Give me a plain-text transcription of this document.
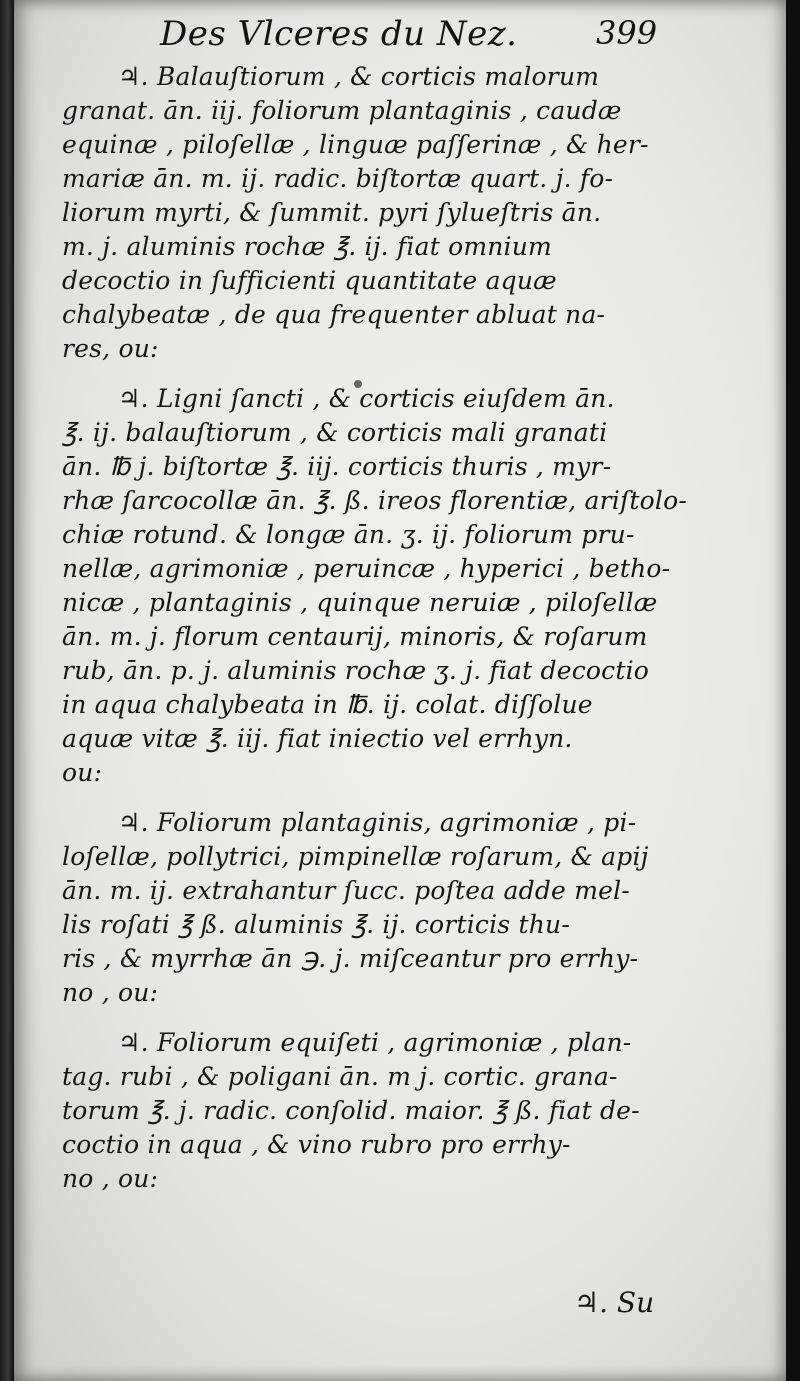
Des Vlceres du Nez.	399
♃. Balauſtiorum , & corticis malorum
granat. ān. iij. foliorum plantaginis , caudæ
equinæ , piloſellæ , linguæ paſſerinæ , & her-
mariæ ān. m. ij. radic. biſtortæ quart. j. fo-
liorum myrti, & ſummit. pyri ſylueſtris ān.
m. j. aluminis rochæ ℥. ij. fiat omnium
decoctio in ſufficienti quantitate aquæ
chalybeatæ , de qua frequenter abluat na-
res, ou:
♃. Ligni ſancti , & corticis eiuſdem ān.
℥. ij. balauſtiorum , & corticis mali granati
ān. ℔ j. biſtortæ ℥. iij. corticis thuris , myr-
rhæ ſarcocollæ ān. ℥. ß. ireos florentiæ, ariſtolo-
chiæ rotund. & longæ ān. ʒ. ij. foliorum pru-
nellæ, agrimoniæ , peruincæ , hyperici , betho-
nicæ , plantaginis , quinque neruiæ , piloſellæ
ān. m. j. florum centaurij, minoris, & roſarum
rub, ān. p. j. aluminis rochæ ʒ. j. fiat decoctio
in aqua chalybeata in ℔. ij. colat. diſſolue
aquæ vitæ ℥. iij. fiat iniectio vel errhyn.
ou:
♃. Foliorum plantaginis, agrimoniæ , pi-
loſellæ, pollytrici, pimpinellæ roſarum, & apij
ān. m. ij. extrahantur ſucc. poſtea adde mel-
lis roſati ℥ ß. aluminis ℥. ij. corticis thu-
ris , & myrrhæ ān ℈. j. miſceantur pro errhy-
no , ou:
♃. Foliorum equiſeti , agrimoniæ , plan-
tag. rubi , & poligani ān. m j. cortic. grana-
torum ℥. j. radic. conſolid. maior. ℥ ß. fiat de-
coctio in aqua , & vino rubro pro errhy-
no , ou:
♃. Su
